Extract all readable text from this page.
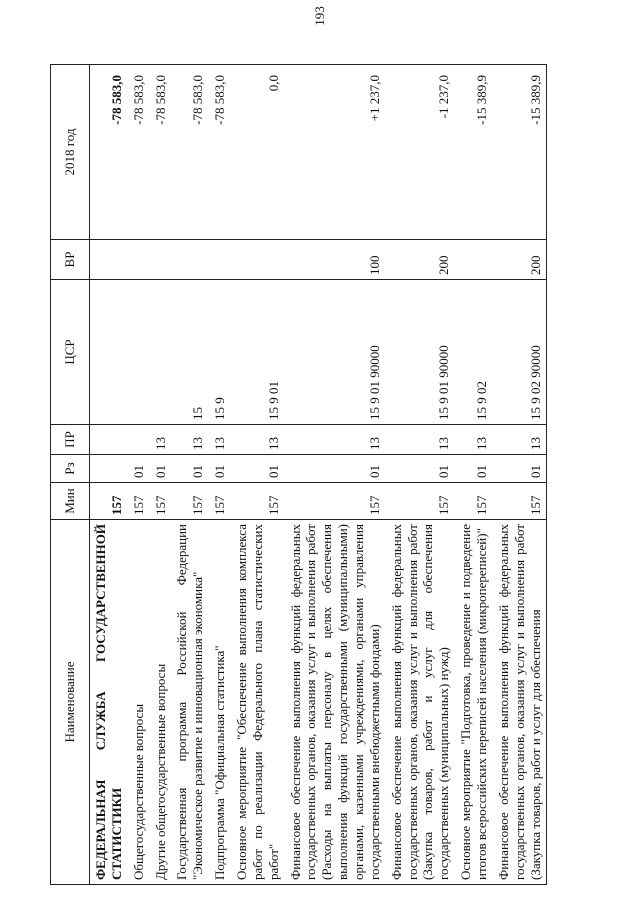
193
Наименование	Мин	Рз	ПР	ЦСР	ВР	2018 год
ФЕДЕРАЛЬНАЯ СЛУЖБА ГОСУДАРСТВЕННОЙ СТАТИСТИКИ	157					-78 583,0
Общегосударственные вопросы	157	01				-78 583,0
Другие общегосударственные вопросы	157	01	13			-78 583,0
Государственная программа Российской Федерации "Экономическое развитие и инновационная экономика"	157	01	13	15		-78 583,0
Подпрограмма "Официальная статистика"	157	01	13	15 9		-78 583,0
Основное мероприятие "Обеспечение выполнения комплекса работ по реализации Федерального плана статистических работ"	157	01	13	15 9 01		0,0
Финансовое обеспечение выполнения функций федеральных государственных органов, оказания услуг и выполнения работ (Расходы на выплаты персоналу в целях обеспечения выполнения функций государственными (муниципальными) органами, казенными учреждениями, органами управления государственными внебюджетными фондами)	157	01	13	15 9 01 90000	100	+1 237,0
Финансовое обеспечение выполнения функций федеральных государственных органов, оказания услуг и выполнения работ (Закупка товаров, работ и услуг для обеспечения государственных (муниципальных) нужд)	157	01	13	15 9 01 90000	200	-1 237,0
Основное мероприятие "Подготовка, проведение и подведение итогов всероссийских переписей населения (микропереписей)"	157	01	13	15 9 02		-15 389,9
Финансовое обеспечение выполнения функций федеральных государственных органов, оказания услуг и выполнения работ (Закупка товаров, работ и услуг для обеспечения	157	01	13	15 9 02 90000	200	-15 389,9
